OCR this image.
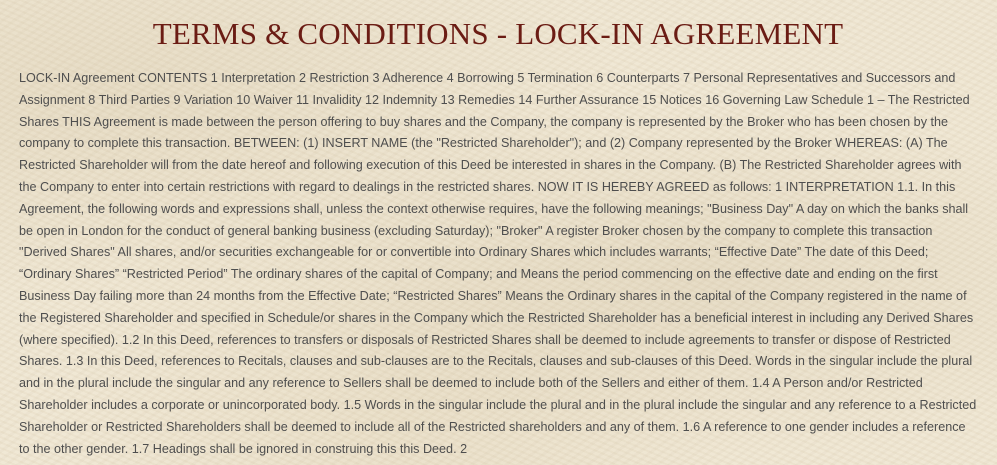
TERMS & CONDITIONS - LOCK-IN AGREEMENT

LOCK-IN Agreement CONTENTS 1 Interpretation 2 Restriction 3 Adherence 4 Borrowing 5 Termination 6 Counterparts 7 Personal Representatives and Successors and Assignment 8 Third Parties 9 Variation 10 Waiver 11 Invalidity 12 Indemnity 13 Remedies 14 Further Assurance 15 Notices 16 Governing Law Schedule 1 – The Restricted Shares THIS Agreement is made between the person offering to buy shares and the Company, the company is represented by the Broker who has been chosen by the company to complete this transaction. BETWEEN: (1) INSERT NAME (the "Restricted Shareholder"); and (2) Company represented by the Broker WHEREAS: (A) The Restricted Shareholder will from the date hereof and following execution of this Deed be interested in shares in the Company. (B) The Restricted Shareholder agrees with the Company to enter into certain restrictions with regard to dealings in the restricted shares. NOW IT IS HEREBY AGREED as follows: 1 INTERPRETATION 1.1. In this Agreement, the following words and expressions shall, unless the context otherwise requires, have the following meanings; "Business Day" A day on which the banks shall be open in London for the conduct of general banking business (excluding Saturday); "Broker" A register Broker chosen by the company to complete this transaction "Derived Shares" All shares, and/or securities exchangeable for or convertible into Ordinary Shares which includes warrants; “Effective Date” The date of this Deed; “Ordinary Shares” “Restricted Period” The ordinary shares of the capital of Company; and Means the period commencing on the effective date and ending on the first Business Day failing more than 24 months from the Effective Date; “Restricted Shares” Means the Ordinary shares in the capital of the Company registered in the name of the Registered Shareholder and specified in Schedule/or shares in the Company which the Restricted Shareholder has a beneficial interest in including any Derived Shares (where specified). 1.2 In this Deed, references to transfers or disposals of Restricted Shares shall be deemed to include agreements to transfer or dispose of Restricted Shares. 1.3 In this Deed, references to Recitals, clauses and sub-clauses are to the Recitals, clauses and sub-clauses of this Deed. Words in the singular include the plural and in the plural include the singular and any reference to Sellers shall be deemed to include both of the Sellers and either of them. 1.4 A Person and/or Restricted Shareholder includes a corporate or unincorporated body. 1.5 Words in the singular include the plural and in the plural include the singular and any reference to a Restricted Shareholder or Restricted Shareholders shall be deemed to include all of the Restricted shareholders and any of them. 1.6 A reference to one gender includes a reference to the other gender. 1.7 Headings shall be ignored in construing this this Deed. 2
